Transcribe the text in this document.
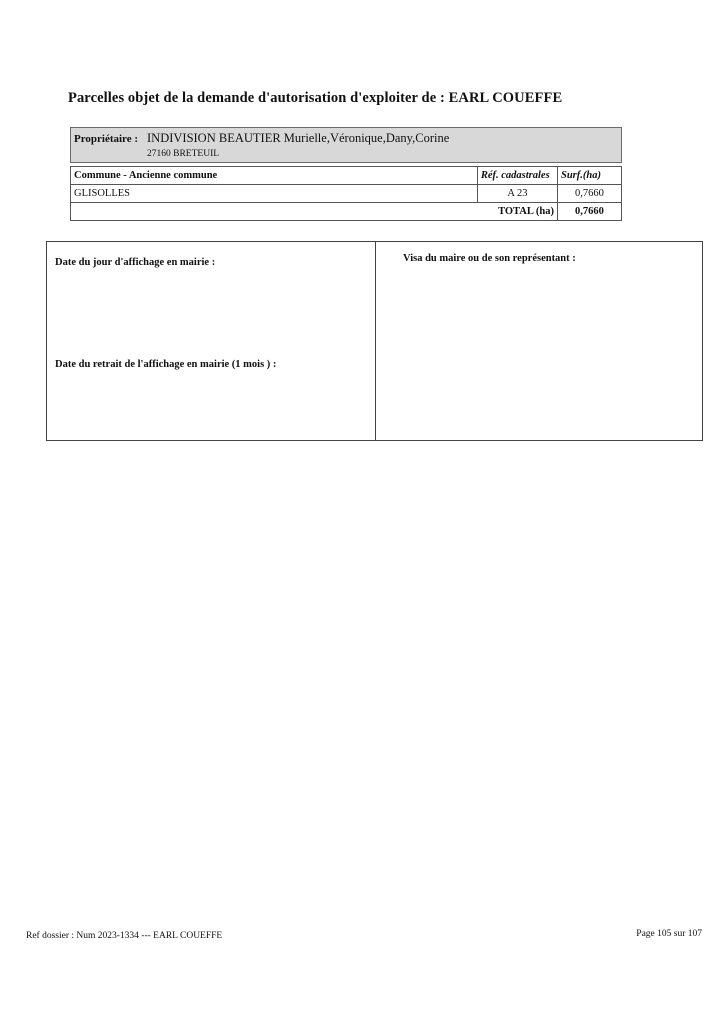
Parcelles objet de la demande d'autorisation d'exploiter de : EARL COUEFFE
Propriétaire : INDIVISION BEAUTIER Murielle,Véronique,Dany,Corine
27160 BRETEUIL
Commune - Ancienne commune	Réf. cadastrales	Surf.(ha)
GLISOLLES	A 23	0,7660
	TOTAL (ha)	0,7660
Date du jour d'affichage en mairie :
Date du retrait de l'affichage en mairie (1 mois ) :
Visa du maire ou de son représentant :
Ref dossier : Num 2023-1334 --- EARL COUEFFE	Page 105 sur 107
